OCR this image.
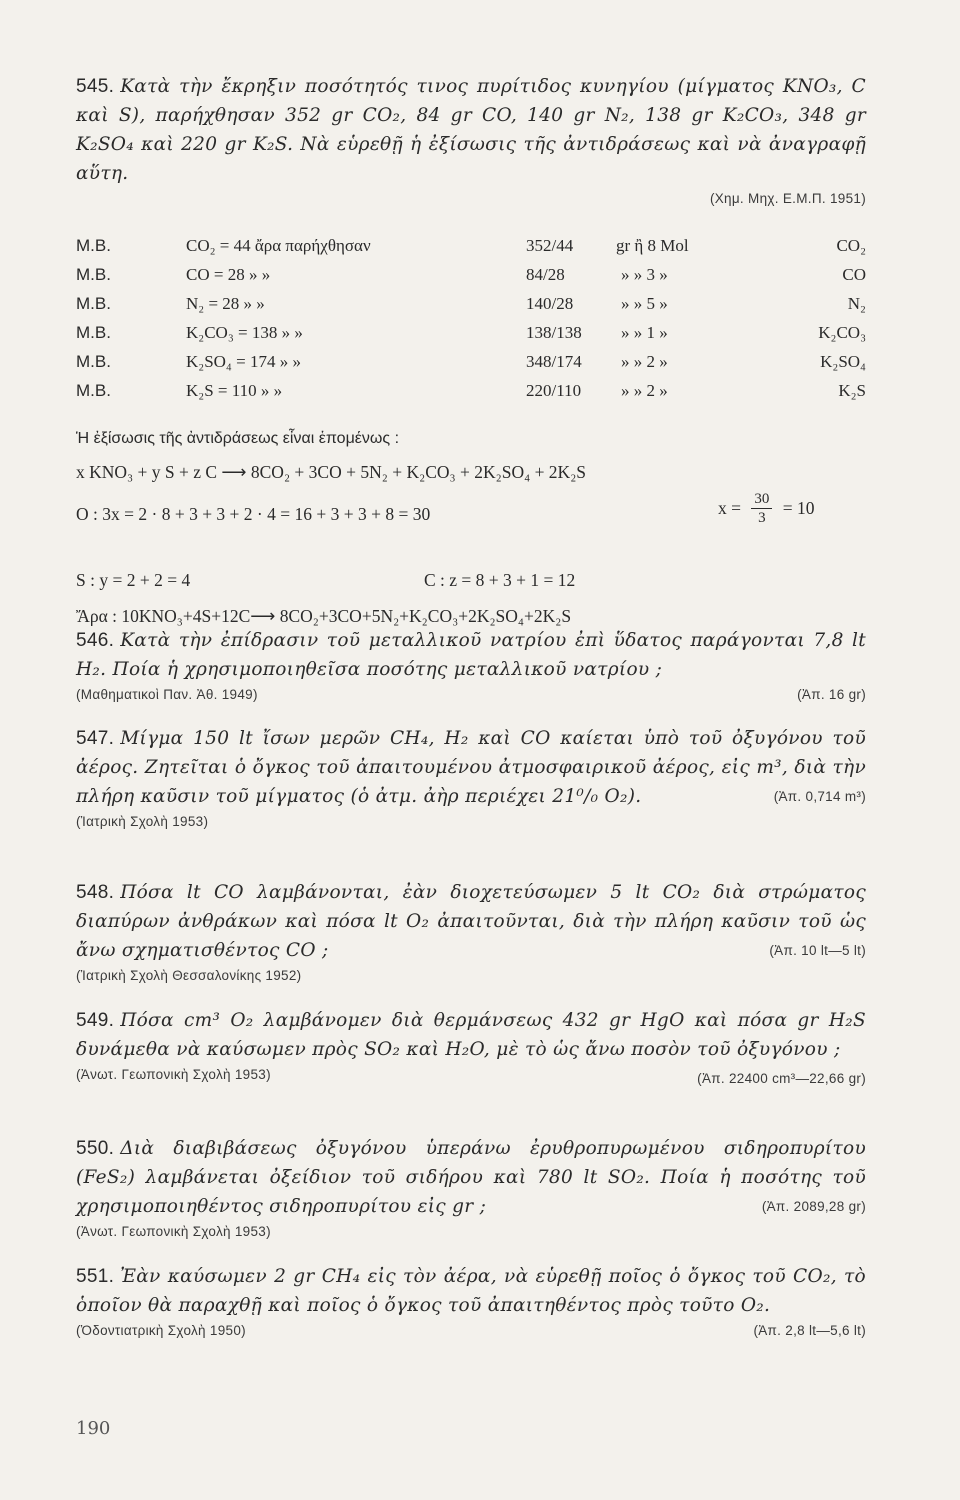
545. Κατὰ τὴν ἔκρηξιν ποσότητός τινος πυρίτιδος κυνηγίου (μίγματος KNO₃, C καὶ S), παρήχθησαν 352 gr CO₂, 84 gr CO, 140 gr N₂, 138 gr K₂CO₃, 348 gr K₂SO₄ καὶ 220 gr K₂S. Νὰ εὑρεθῇ ἡ ἐξίσωσις τῆς ἀντιδράσεως καὶ νὰ ἀναγραφῇ αὕτη.
(Χημ. Μηχ. Ε.Μ.Π. 1951)
Μ.Β.	CO₂ = 44 ἄρα παρήχθησαν	352/44	gr ἢ 8 Mol	CO₂
Μ.Β.	CO = 28 » »	84/28	» » 3 »	CO
Μ.Β.	N₂ = 28 » »	140/28	» » 5 »	N₂
Μ.Β.	K₂CO₃ = 138 » »	138/138 » » 1 »	K₂CO₃
Μ.Β.	K₂SO₄ = 174 » »	348/174 » » 2 »	K₂SO₄
Μ.Β.	K₂S = 110 » »	220/110 » » 2 »	K₂S
Ἡ ἐξίσωσις τῆς ἀντιδράσεως εἶναι ἑπομένως :
x KNO₃ + y S + z C ⟶ 8CO₂ + 3CO + 5N₂ + K₂CO₃ + 2K₂SO₄ + 2K₂S
O : 3x = 2 · 8 + 3 + 3 + 2 · 4 = 16 + 3 + 3 + 8 = 30	$x = \frac{30}{3} = 10$
S : y = 2 + 2 = 4	C : z = 8 + 3 + 1 = 12
Ἄρα : 10KNO₃+4S+12C⟶ 8CO₂+3CO+5N₂+K₂CO₃+2K₂SO₄+2K₂S
546. Κατὰ τὴν ἐπίδρασιν τοῦ μεταλλικοῦ νατρίου ἐπὶ ὕδατος παράγονται 7,8 lt H₂. Ποία ἡ χρησιμοποιηθεῖσα ποσότης μεταλλικοῦ νατρίου ;
(Μαθηματικοὶ Παν. Ἀθ. 1949)	(Ἀπ. 16 gr)
547. Μίγμα 150 lt ἴσων μερῶν CH₄, H₂ καὶ CO καίεται ὑπὸ τοῦ ὀξυγόνου τοῦ ἀέρος. Ζητεῖται ὁ ὄγκος τοῦ ἀπαιτουμένου ἀτμοσφαιρικοῦ ἀέρος, εἰς m³, διὰ τὴν πλήρη καῦσιν τοῦ μίγματος (ὁ ἀτμ. ἀὴρ περιέχει 21⁰/₀ O₂).	(Ἀπ. 0,714 m³)
(Ἰατρικὴ Σχολὴ 1953)
548. Πόσα lt CO λαμβάνονται, ἐὰν διοχετεύσωμεν 5 lt CO₂ διὰ στρώματος διαπύρων ἀνθράκων καὶ πόσα lt O₂ ἀπαιτοῦνται, διὰ τὴν πλήρη καῦσιν τοῦ ὡς ἄνω σχηματισθέντος CO ;	(Ἀπ. 10 lt—5 lt)
(Ἰατρικὴ Σχολὴ Θεσσαλονίκης 1952)
549. Πόσα cm³ O₂ λαμβάνομεν διὰ θερμάνσεως 432 gr HgO καὶ πόσα gr H₂S δυνάμεθα νὰ καύσωμεν πρὸς SO₂ καὶ H₂O, μὲ τὸ ὡς ἄνω ποσὸν τοῦ ὀξυγόνου ;
(Ἀπ. 22400 cm³—22,66 gr)
(Ἀνωτ. Γεωπονικὴ Σχολὴ 1953)
550. Διὰ διαβιβάσεως ὀξυγόνου ὑπεράνω ἐρυθροπυρωμένου σιδηροπυρίτου (FeS₂) λαμβάνεται ὀξείδιον τοῦ σιδήρου καὶ 780 lt SO₂. Ποία ἡ ποσότης τοῦ χρησιμοποιηθέντος σιδηροπυρίτου εἰς gr ;	(Ἀπ. 2089,28 gr)
(Ἀνωτ. Γεωπονικὴ Σχολὴ 1953)
551. Ἐὰν καύσωμεν 2 gr CH₄ εἰς τὸν ἀέρα, νὰ εὑρεθῇ ποῖος ὁ ὄγκος τοῦ CO₂, τὸ ὁποῖον θὰ παραχθῇ καὶ ποῖος ὁ ὄγκος τοῦ ἀπαιτηθέντος πρὸς τοῦτο O₂.
(Ὀδοντιατρικὴ Σχολὴ 1950)	(Ἀπ. 2,8 lt—5,6 lt)
190
